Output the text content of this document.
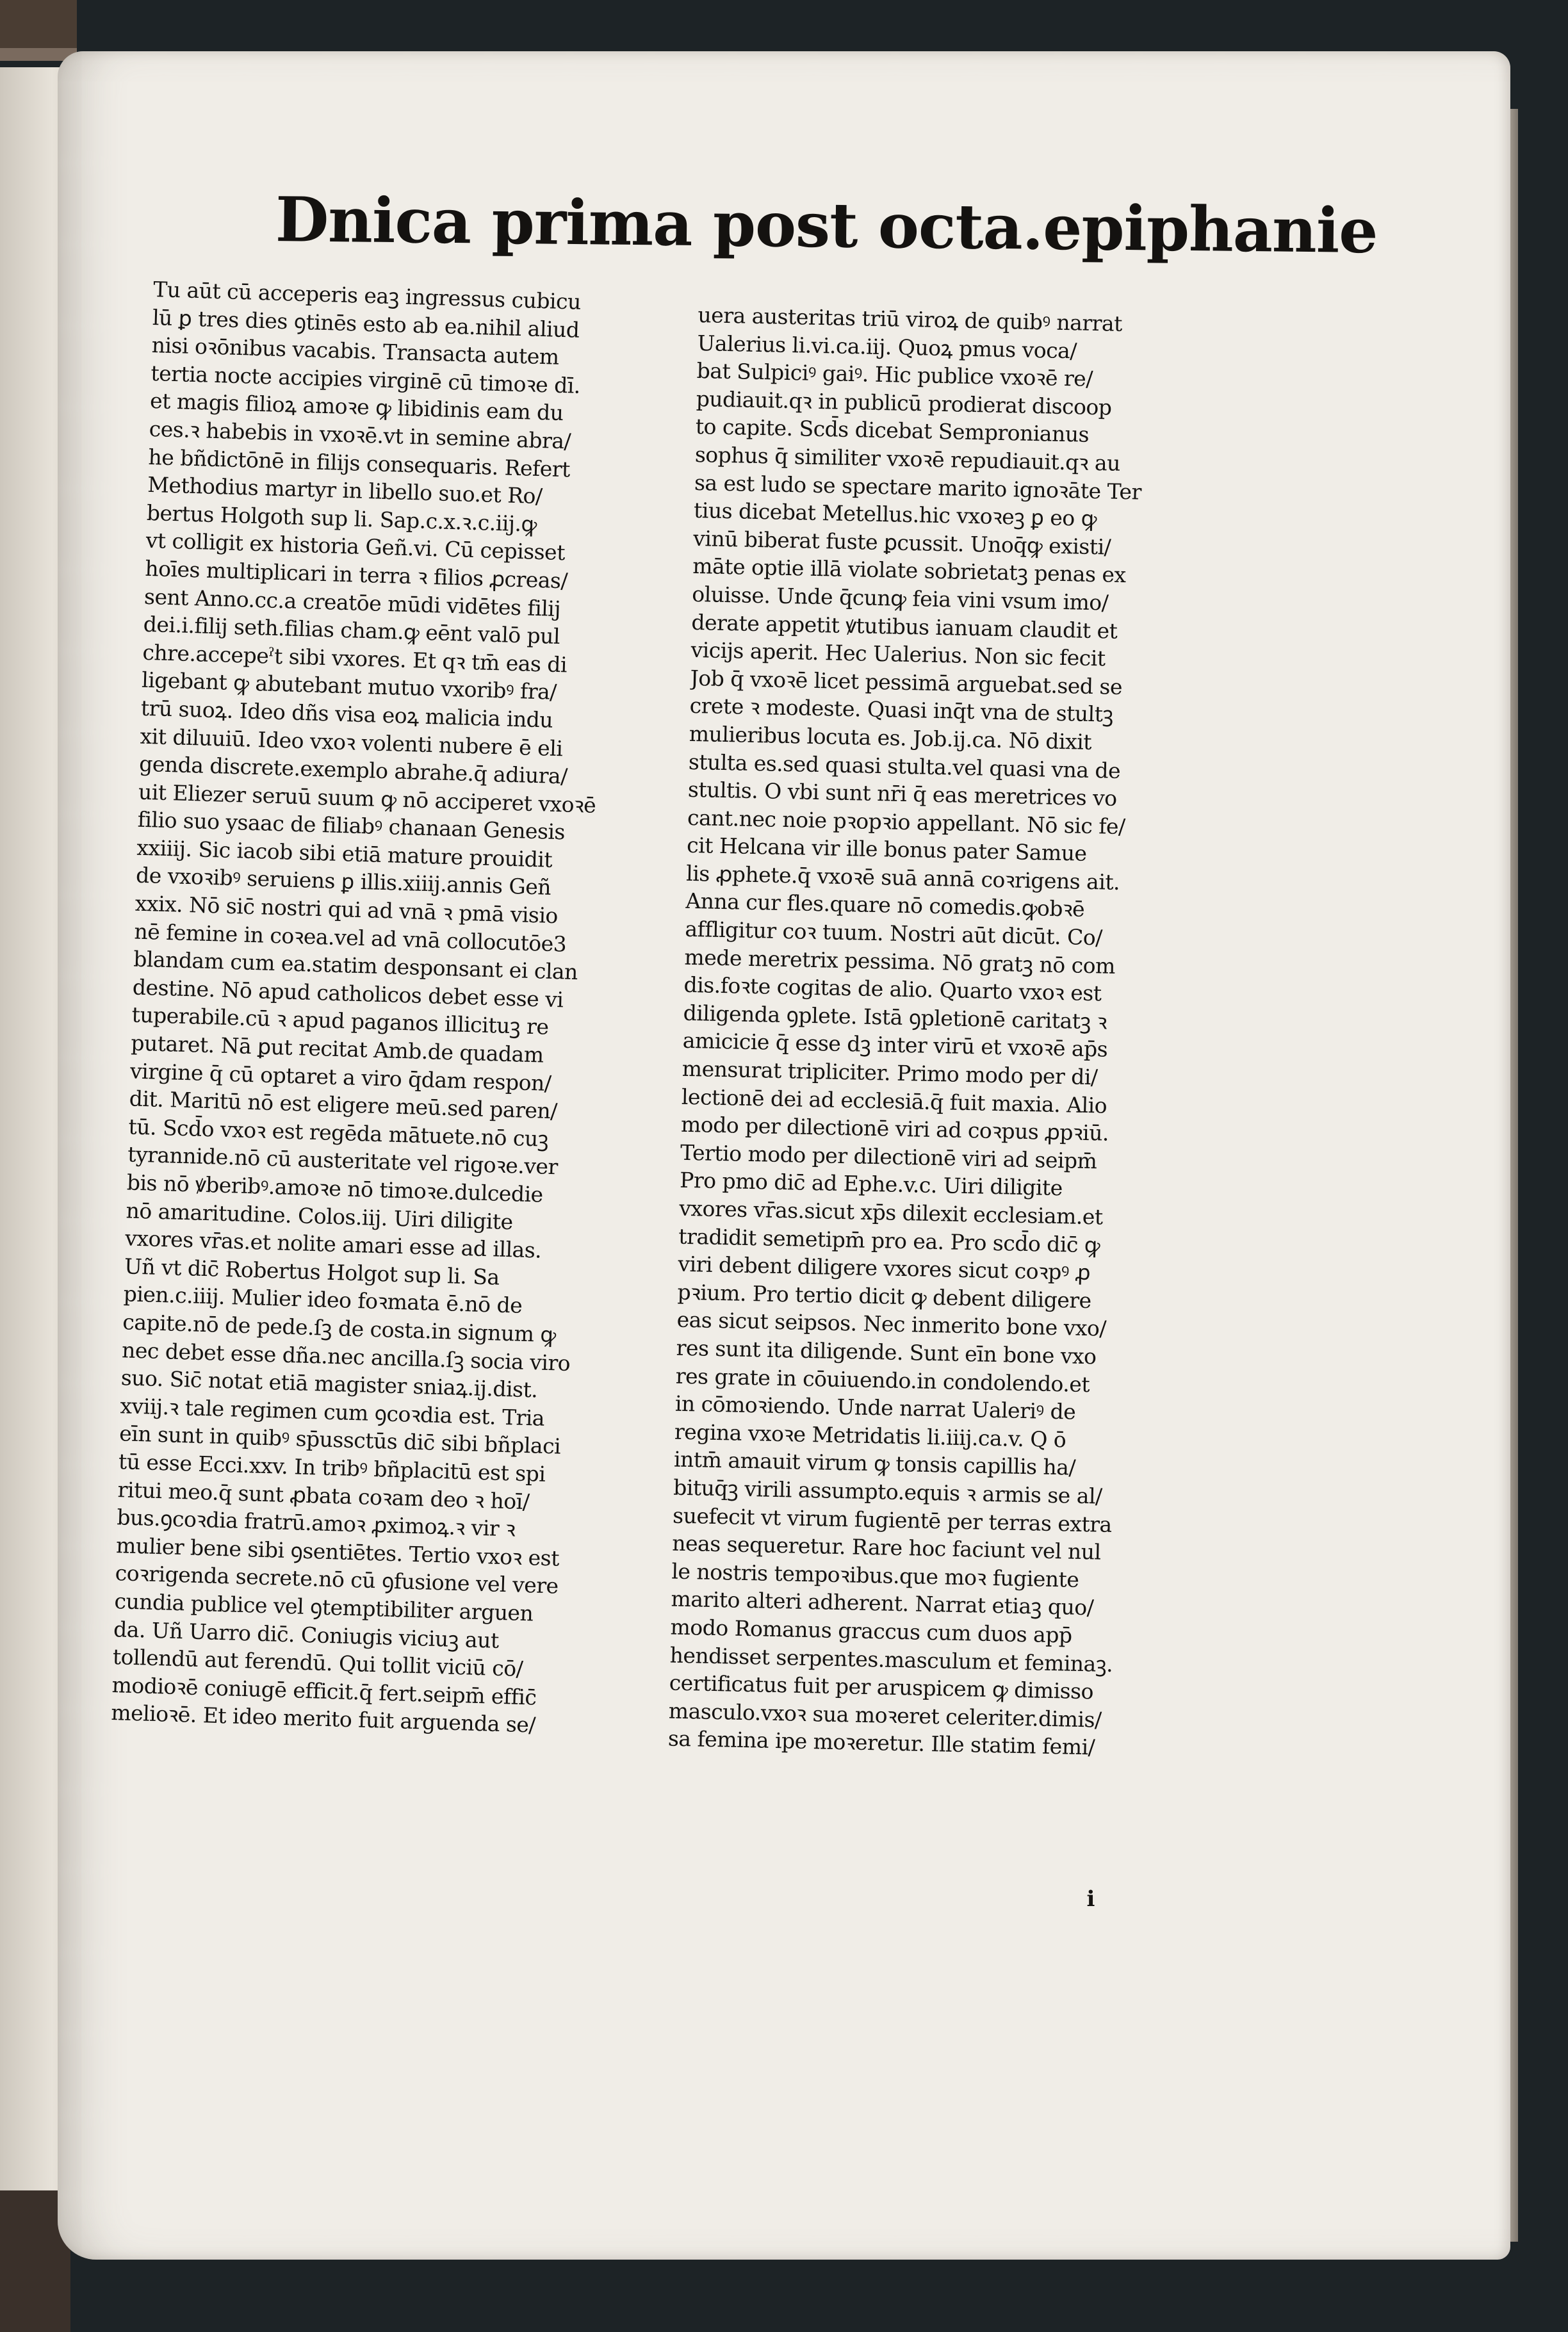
Dnica prima post octa.epiphanie
Tu aūt cū acceperis eaꝫ ingressus cubicu
lū ꝑ tres dies ꝯtinēs esto ab ea.nihil aliud
nisi oꝛōnibus vacabis. Transacta autem
tertia nocte accipies virginē cū timoꝛe dī.
et magis filioꝝ amoꝛe ꝙ libidinis eam du
ces.ꝛ habebis in vxoꝛē.vt in semine abra/
he bñdictōnē in filijs consequaris. Refert
Methodius martyr in libello suo.et Ro/
bertus Holgoth sup li. Sap.c.x.ꝛ.c.iij.ꝙ
vt colligit ex historia Geñ.vi. Cū cepisset
hoīes multiplicari in terra ꝛ filios ꝓcreas/
sent Anno.cc.a creatōe mūdi vidētes filij
dei.i.filij seth.filias cham.ꝙ eēnt valō pul
chre.accepeˀt sibi vxores. Et qꝛ tm̄ eas di
ligebant ꝙ abutebant mutuo vxoribꝰ fra/
trū suoꝝ. Ideo dñs visa eoꝝ malicia indu
xit diluuiū. Ideo vxoꝛ volenti nubere ē eli
genda discrete.exemplo abrahe.q̄ adiura/
uit Eliezer seruū suum ꝙ nō acciperet vxoꝛē
filio suo ysaac de filiabꝰ chanaan Genesis
xxiiij. Sic iacob sibi etiā mature prouidit
de vxoꝛibꝰ seruiens ꝑ illis.xiiij.annis Geñ
xxix. Nō sic̄ nostri qui ad vnā ꝛ pmā visio
nē femine in coꝛea.vel ad vnā collocutōe3
blandam cum ea.statim desponsant ei clan
destine. Nō apud catholicos debet esse vi
tuperabile.cū ꝛ apud paganos illicituꝫ re
putaret. Nā ꝑut recitat Amb.de quadam
virgine q̄ cū optaret a viro q̄dam respon/
dit. Maritū nō est eligere meū.sed paren/
tū. Scd̄o vxoꝛ est regēda mātuete.nō cuꝫ
tyrannide.nō cū austeritate vel rigoꝛe.ver
bis nō ꝟberibꝰ.amoꝛe nō timoꝛe.dulcedie
nō amaritudine. Colos.iij. Uiri diligite
vxores vr̄as.et nolite amari esse ad illas.
Uñ vt dic̄ Robertus Holgot sup li. Sa
pien.c.iiij. Mulier ideo foꝛmata ē.nō de
capite.nō de pede.ſꝫ de costa.in signum ꝙ
nec debet esse dña.nec ancilla.ſꝫ socia viro
suo. Sic̄ notat etiā magister sniaꝝ.ij.dist.
xviij.ꝛ tale regimen cum ꝯcoꝛdia est. Tria
eīn sunt in quibꝰ sp̄ussctūs dic̄ sibi bñplaci
tū esse Ecci.xxv. In tribꝰ bñplacitū est spi
ritui meo.q̄ sunt ꝓbata coꝛam deo ꝛ hoī/
bus.ꝯcoꝛdia fratrū.amoꝛ ꝓximoꝝ.ꝛ vir ꝛ
mulier bene sibi ꝯsentiētes. Tertio vxoꝛ est
coꝛrigenda secrete.nō cū ꝯfusione vel vere
cundia publice vel ꝯtemptibiliter arguen
da. Uñ Uarro dic̄. Coniugis viciuꝫ aut
tollendū aut ferendū. Qui tollit viciū cō/
modioꝛē coniugē efficit.q̄ fert.seipm̄ effic̄
melioꝛē. Et ideo merito fuit arguenda se/
uera austeritas triū viroꝝ de quibꝰ narrat
Ualerius li.vi.ca.iij. Quoꝝ pmus voca/
bat Sulpiciꝰ gaiꝰ. Hic publice vxoꝛē re/
pudiauit.qꝛ in publicū prodierat discoop
to capite. Scd̄s dicebat Sempronianus
sophus q̄ similiter vxoꝛē repudiauit.qꝛ au
sa est ludo se spectare marito ignoꝛāte Ter
tius dicebat Metellus.hic vxoꝛeꝫ ꝑ eo ꝙ
vinū biberat fuste ꝑcussit. Unoq̄ꝙ existi/
māte optie illā violate sobrietatꝫ penas ex
oluisse. Unde q̄cunꝙ feia vini vsum imo/
derate appetit ꝟtutibus ianuam claudit et
vicijs aperit. Hec Ualerius. Non sic fecit
Job q̄ vxoꝛē licet pessimā arguebat.sed se
crete ꝛ modeste. Quasi inq̄t vna de stultꝫ
mulieribus locuta es. Job.ij.ca. Nō dixit
stulta es.sed quasi stulta.vel quasi vna de
stultis. O vbi sunt nr̄i q̄ eas meretrices vo
cant.nec noie pꝛopꝛio appellant. Nō sic fe/
cit Helcana vir ille bonus pater Samue
lis ꝓphete.q̄ vxoꝛē suā annā coꝛrigens ait.
Anna cur fles.quare nō comedis.ꝙobꝛē
affligitur coꝛ tuum. Nostri aūt dicūt. Co/
mede meretrix pessima. Nō gratꝫ nō com
dis.foꝛte cogitas de alio. Quarto vxoꝛ est
diligenda ꝯplete. Istā ꝯpletionē caritatꝫ ꝛ
amicicie q̄ esse dꝫ inter virū et vxoꝛē ap̄s
mensurat tripliciter. Primo modo per di/
lectionē dei ad ecclesiā.q̄ fuit maxia. Alio
modo per dilectionē viri ad coꝛpus ꝓpꝛiū.
Tertio modo per dilectionē viri ad seipm̄
Pro pmo dic̄ ad Ephe.v.c. Uiri diligite
vxores vr̄as.sicut xp̄s dilexit ecclesiam.et
tradidit semetipm̄ pro ea. Pro scd̄o dic̄ ꝙ
viri debent diligere vxores sicut coꝛpꝰ ꝓ
pꝛium. Pro tertio dicit ꝙ debent diligere
eas sicut seipsos. Nec inmerito bone vxo/
res sunt ita diligende. Sunt eīn bone vxo
res grate in cōuiuendo.in condolendo.et
in cōmoꝛiendo. Unde narrat Ualeriꝰ de
regina vxoꝛe Metridatis li.iiij.ca.v. Q ō
intm̄ amauit virum ꝙ tonsis capillis ha/
bituq̄ꝫ virili assumpto.equis ꝛ armis se al/
suefecit vt virum fugientē per terras extra
neas sequeretur. Rare hoc faciunt vel nul
le nostris tempoꝛibus.que moꝛ fugiente
marito alteri adherent. Narrat etiaꝫ quo/
modo Romanus graccus cum duos app̄
hendisset serpentes.masculum et feminaꝫ.
certificatus fuit per aruspicem ꝙ dimisso
masculo.vxoꝛ sua moꝛeret celeriter.dimis/
sa femina ipe moꝛeretur. Ille statim femi/
i
